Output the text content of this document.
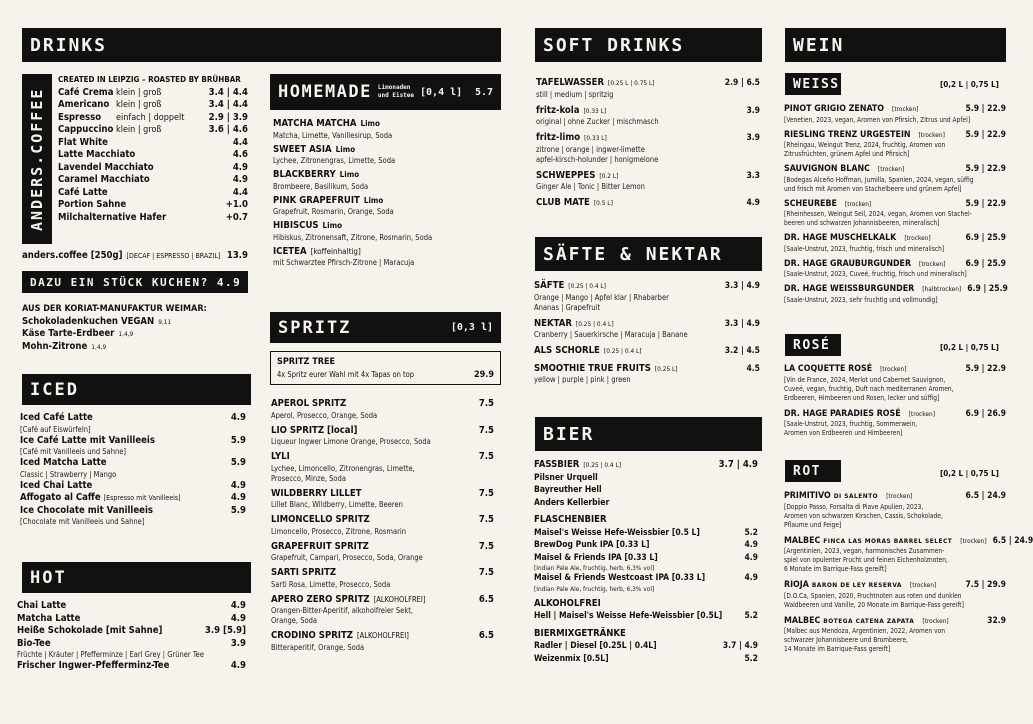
DRINKS
ANDERS.COFFEE
CREATED IN LEIPZIG – ROASTED BY BRÜHBAR
Café Crema klein | groß	3.4 | 4.4
Americano klein | groß	3.4 | 4.4
Espresso	einfach | doppelt	2.9 | 3.9
Cappuccino klein | groß	3.6 | 4.6
Flat White	4.4
Latte Macchiato	4.6
Lavendel Macchiato	4.9
Caramel Macchiato	4.9
Café Latte	4.4
Portion Sahne	+1.0
Milchalternative Hafer	+0.7
anders.coffee [250g] [DECAF | ESPRESSO | BRAZIL] 13.9
DAZU EIN STÜCK KUCHEN? 4.9
AUS DER KORIAT-MANUFAKTUR WEIMAR:
Schokoladenkuchen VEGAN 9,11
Käse Tarte-Erdbeer 1,4,9
Mohn-Zitrone 1,4,9
ICED
Iced Café Latte	4.9
[Café auf Eiswürfeln]
Ice Café Latte mit Vanilleeis	5.9
[Café mit Vanilleeis und Sahne]
Iced Matcha Latte	5.9
Classic | Strawberry | Mango
Iced Chai Latte	4.9
Affogato al Caffe [Espresso mit Vanilleeis]	4.9
Ice Chocolate mit Vanilleeis	5.9
[Chocolate mit Vanilleeis und Sahne]
HOT
Chai Latte	4.9
Matcha Latte	4.9
Heiße Schokolade [mit Sahne]	3.9 [5.9]
Bio-Tee	3.9
Früchte | Kräuter | Pfefferminze | Earl Grey | Grüner Tee
Frischer Ingwer-Pfefferminz-Tee	4.9
HOMEMADE Limonaden
und Eistee [0,4 l] 5.7
MATCHA MATCHA Limo
Matcha, Limette, Vanillesirup, Soda
SWEET ASIA Limo
Lychee, Zitronengras, Limette, Soda
BLACKBERRY Limo
Brombeere, Basilikum, Soda
PINK GRAPEFRUIT Limo
Grapefruit, Rosmarin, Orange, Soda
HIBISCUS Limo
Hibiskus, Zitronensaft, Zitrone, Rosmarin, Soda
ICETEA [koffeinhaltig]
mit Schwarztee Pfirsch-Zitrone | Maracuja
SPRITZ	[0,3 l]
SPRITZ TREE
4x Spritz eurer Wahl mit 4x Tapas on top	29.9
APEROL SPRITZ	7.5
Aperol, Prosecco, Orange, Soda
LIO SPRITZ [local]	7.5
Liqueur Ingwer Limone Orange, Prosecco, Soda
LYLI	7.5
Lychee, Limoncello, Zitronengras, Limette,
Prosecco, Minze, Soda
WILDBERRY LILLET	7.5
Lillet Blanc, Wildberry, Limette, Beeren
LIMONCELLO SPRITZ	7.5
Limoncello, Prosecco, Zitrone, Rosmarin
GRAPEFRUIT SPRITZ	7.5
Grapefruit, Campari, Prosecco, Soda, Orange
SARTI SPRITZ	7.5
Sarti Rosa, Limette, Prosecco, Soda
APERO ZERO SPRITZ [ALKOHOLFREI]	6.5
Orangen-Bitter-Aperitif, alkoholfreier Sekt,
Orange, Soda
CRODINO SPRITZ [ALKOHOLFREI]	6.5
Bitteraperitif, Orange, Soda
SOFT DRINKS
TAFELWASSER [0.25 L | 0.75 L]	2.9 | 6.5
still | medium | spritzig
fritz-kola [0.33 L]	3.9
original | ohne Zucker | mischmasch
fritz-limo [0.33 L]	3.9
zitrone | orange | ingwer-limette
apfel-kirsch-holunder | honigmelone
SCHWEPPES [0.2 L]	3.3
Ginger Ale | Tonic | Bitter Lemon
CLUB MATE [0.5 L]	4.9
SÄFTE & NEKTAR
SÄFTE [0.25 | 0.4 L]	3.3 | 4.9
Orange | Mango | Apfel klar | Rhabarber
Ananas | Grapefruit
NEKTAR [0.25 | 0.4 L]	3.3 | 4.9
Cranberry | Sauerkirsche | Maracuja | Banane
ALS SCHORLE [0.25 | 0.4 L]	3.2 | 4.5
SMOOTHIE TRUE FRUITS [0.25 L]	4.5
yellow | purple | pink | green
BIER
FASSBIER [0.25 | 0.4 L]	3.7 | 4.9
Pilsner Urquell
Bayreuther Hell
Anders Kellerbier
FLASCHENBIER
Maisel's Weisse Hefe-Weissbier [0.5 L]	5.2
BrewDog Punk IPA [0.33 L]	4.9
Maisel & Friends IPA [0.33 L]	4.9
[Indian Pale Ale, fruchtig, herb, 6,3% vol]
Maisel & Friends Westcoast IPA [0.33 L]	4.9
[Indian Pale Ale, fruchtig, herb, 6,3% vol]
ALKOHOLFREI
Hell | Maisel's Weisse Hefe-Weissbier [0.5L]	5.2
BIERMIXGETRÄNKE
Radler | Diesel [0.25L | 0.4L]	3.7 | 4.9
Weizenmix [0.5L]	5.2
WEIN
WEISS	[0,2 L | 0,75 L]
PINOT GRIGIO ZENATO [trocken]	5.9 | 22.9
[Venetien, 2023, vegan, Aromen von Pfirsich, Zitrus und Apfel]
RIESLING TRENZ URGESTEIN [trocken]	5.9 | 22.9
[Rheingau, Weingut Trenz, 2024, fruchtig, Aromen von
Zitrusfrüchten, grünem Apfel und Pfirsich]
SAUVIGNON BLANC [trocken]	5.9 | 22.9
[Bodegas Alceño Hoffman, Jumilla, Spanien, 2024, vegan, süffig
und frisch mit Aromen von Stachelbeere und grünem Apfel]
SCHEUREBE [trocken]	5.9 | 22.9
[Rheinhessen, Weingut Seil, 2024, vegan, Aromen von Stachel-
beeren und schwarzen Johannisbeeren, mineralisch]
DR. HAGE MUSCHELKALK [trocken]	6.9 | 25.9
[Saale-Unstrut, 2023, fruchtig, frisch und mineralisch]
DR. HAGE GRAUBURGUNDER [trocken]	6.9 | 25.9
[Saale-Unstrut, 2023, Cuveé, fruchtig, frisch und mineralisch]
DR. HAGE WEISSBURGUNDER [halbtrocken] 6.9 | 25.9
[Saale-Unstrut, 2023, sehr fruchtig und vollmundig]
ROSÉ	[0,2 L | 0,75 L]
LA COQUETTE ROSÉ [trocken]	5.9 | 22.9
[Vin de France, 2024, Merlot und Cabernet Sauvignon,
Cuveé, vegan, fruchtig, Duft nach mediterranen Aromen,
Erdbeeren, Himbeeren und Rosen, lecker und süffig]
DR. HAGE PARADIES ROSÉ [trocken]	6.9 | 26.9
[Saale-Unstrut, 2023, fruchtig, Sommerwein,
Aromen von Erdbeeren und Himbeeren]
ROT	[0,2 L | 0,75 L]
PRIMITIVO DI SALENTO [trocken]	6.5 | 24.9
[Doppio Passo, Forsalta di Piave Apulien, 2023,
Aromen von schwarzen Kirschen, Cassis, Schokolade,
Pflaume und Feige]
MALBEC FINCA LAS MORAS BARREL SELECT [trocken] 6.5 | 24.9
[Argentinien, 2023, vegan, harmonisches Zusammen-
spiel von opulenter Frucht und feinen Eichenholznoten,
6 Monate im Barrique-Fass gereift]
RIOJA BARON DE LEY RESERVA [trocken]	7.5 | 29.9
[D.O.Ca, Spanien, 2020, Fruchtnoten aus roten und dunklen
Waldbeeren und Vanille, 20 Monate im Barrique-Fass gereift]
MALBEC BOTEGA CATENA ZAPATA [trocken]	32.9
[Malbec aus Mendoza, Argentinien, 2022, Aromen von
schwarzer Johannisbeere und Brombeere,
14 Monate im Barrique-Fass gereift]
